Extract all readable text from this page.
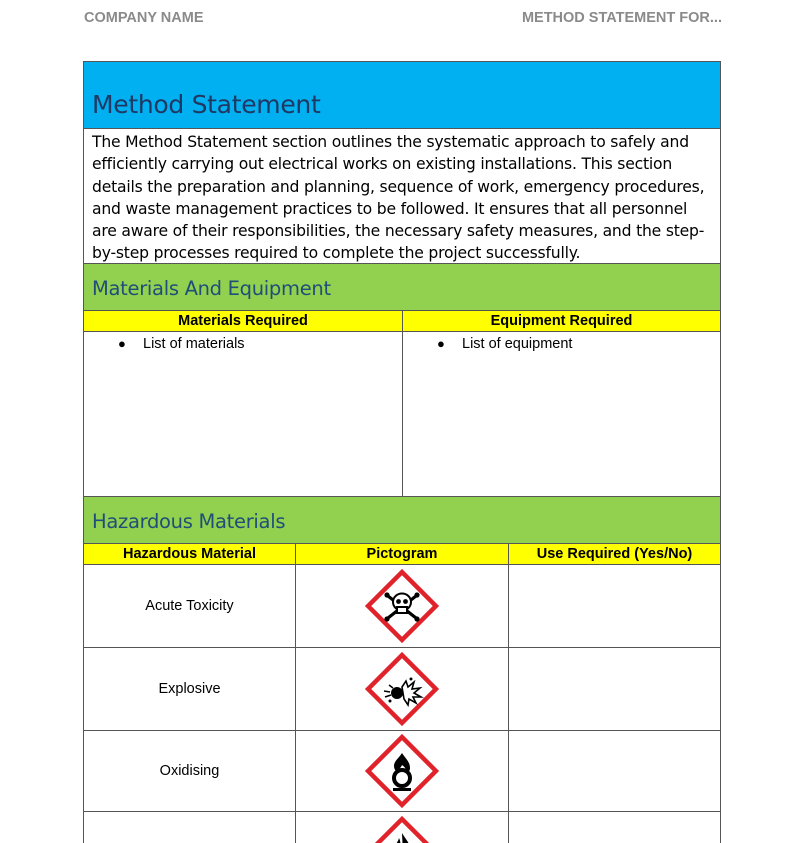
COMPANY NAME	METHOD STATEMENT FOR...
Method Statement
The Method Statement section outlines the systematic approach to safely and efficiently carrying out electrical works on existing installations. This section details the preparation and planning, sequence of work, emergency procedures, and waste management practices to be followed. It ensures that all personnel are aware of their responsibilities, the necessary safety measures, and the step-by-step processes required to complete the project successfully.
Materials And Equipment
Materials Required	Equipment Required
●	List of materials	●	List of equipment
Hazardous Materials
Hazardous Material	Pictogram	Use Required (Yes/No)
Acute Toxicity
Explosive
Oxidising
